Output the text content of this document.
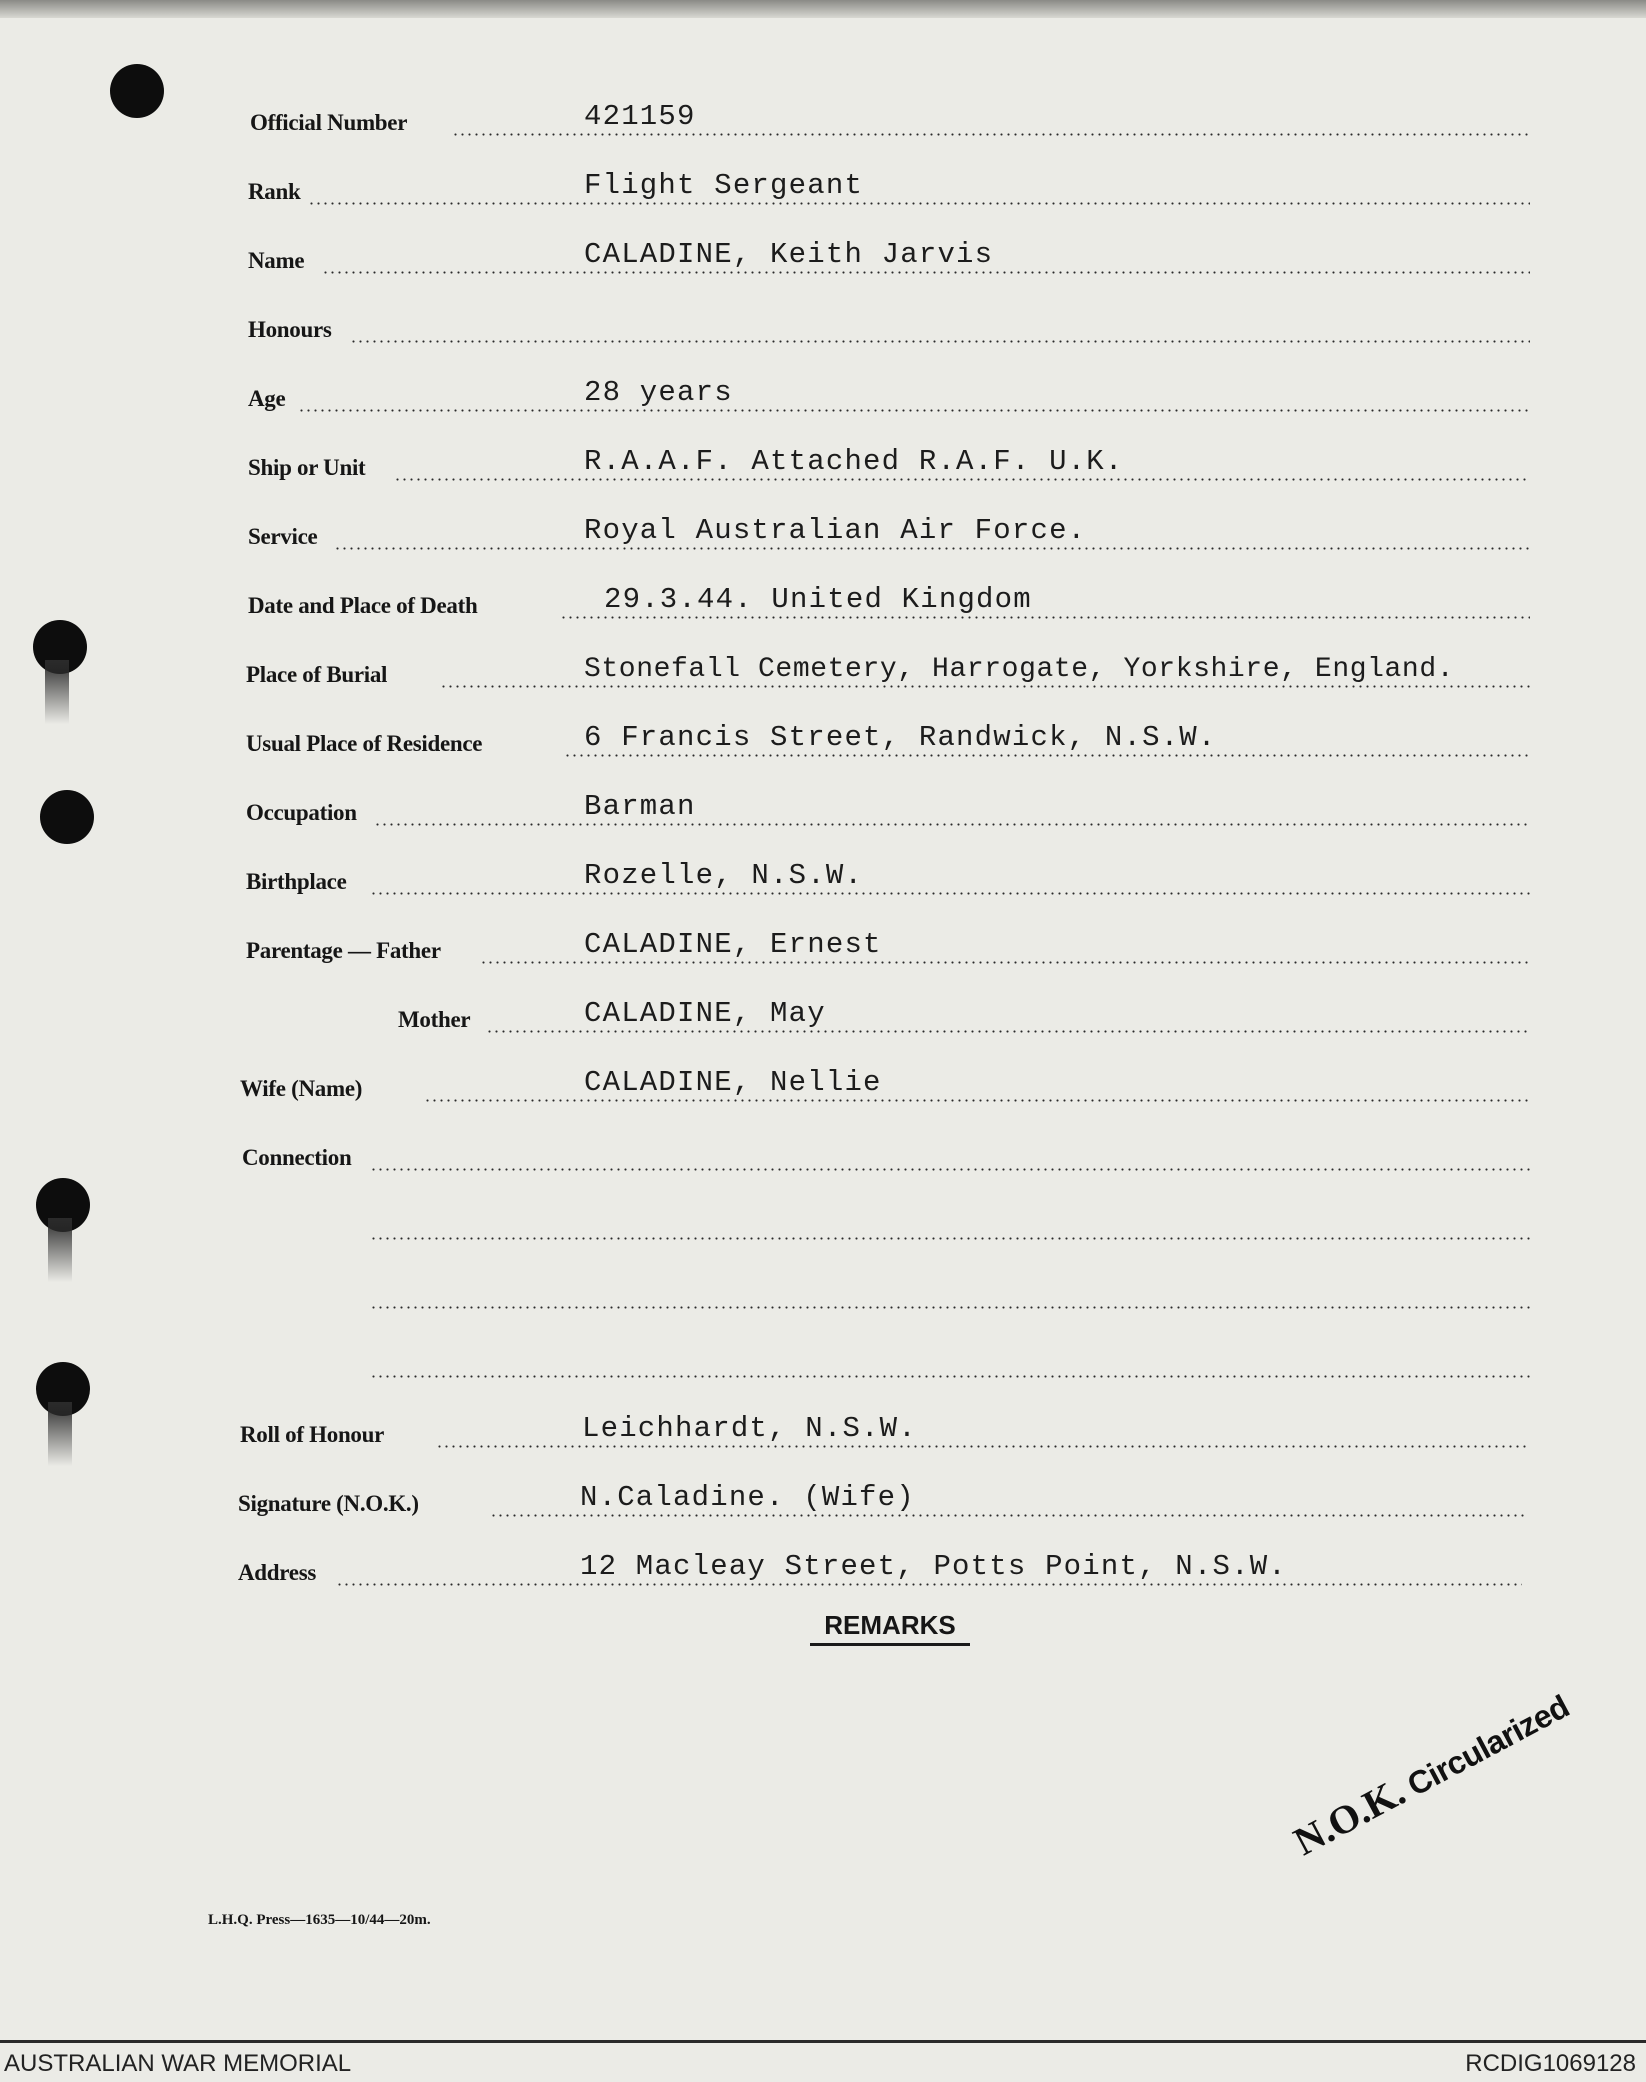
Official Number	421159
Rank	Flight Sergeant
Name	CALADINE, Keith Jarvis
Honours
Age	28 years
Ship or Unit	R.A.A.F. Attached R.A.F. U.K.
Service	Royal Australian Air Force.
Date and Place of Death	29.3.44. United Kingdom
Place of Burial	Stonefall Cemetery, Harrogate, Yorkshire, England.
Usual Place of Residence	6 Francis Street, Randwick, N.S.W.
Occupation	Barman
Birthplace	Rozelle, N.S.W.
Parentage — Father	CALADINE, Ernest
Mother	CALADINE, May
Wife (Name)	CALADINE, Nellie
Connection
Roll of Honour	Leichhardt, N.S.W.
Signature (N.O.K.)	N.Caladine. (Wife)
Address	12 Macleay Street, Potts Point, N.S.W.
REMARKS
N.O.K. Circularized
L.H.Q. Press—1635—10/44—20m.
AUSTRALIAN WAR MEMORIAL	RCDIG1069128
